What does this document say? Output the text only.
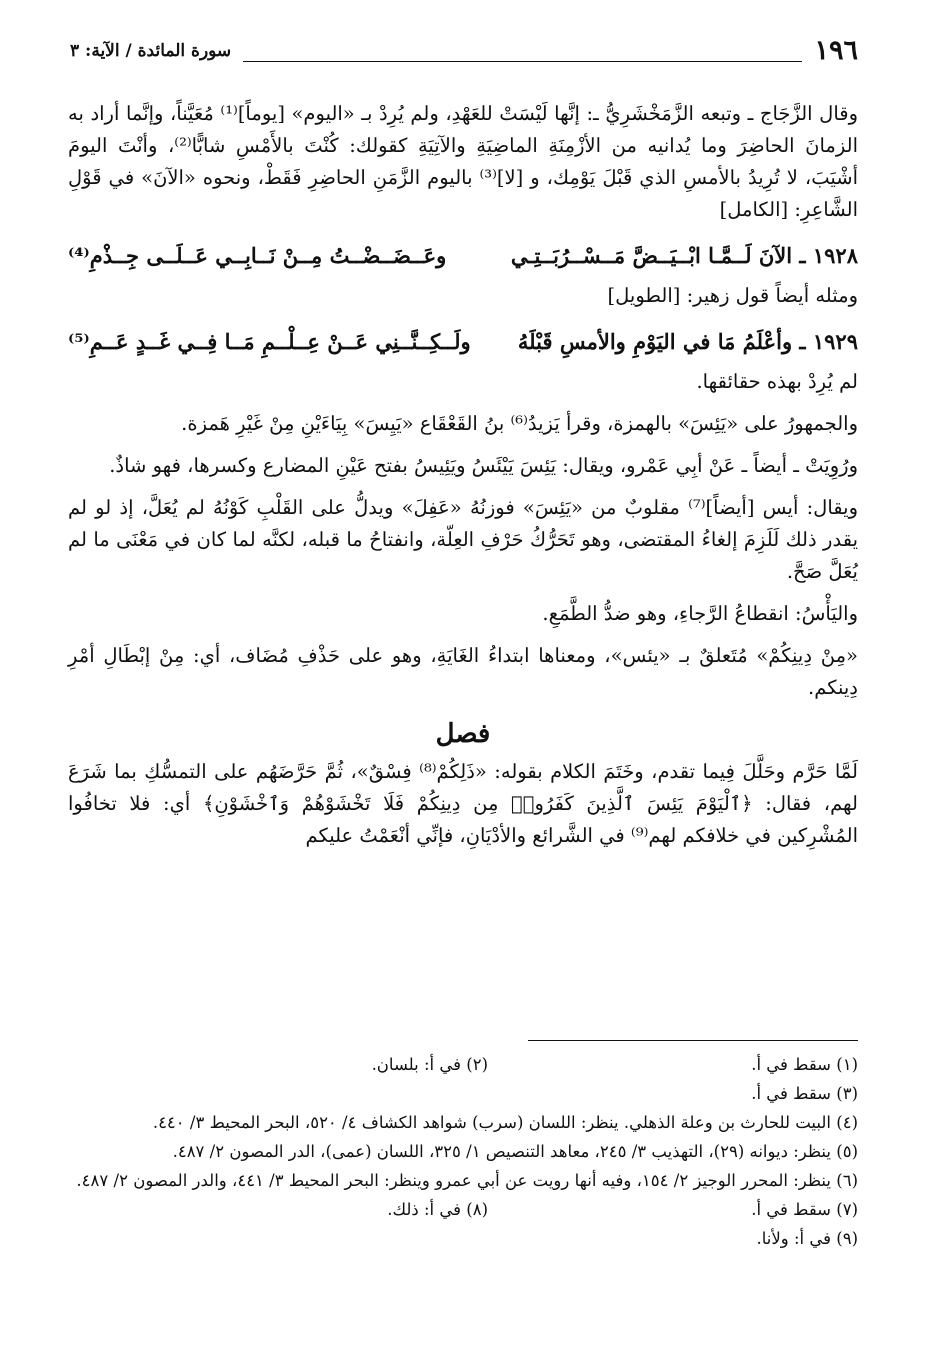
١٩٦
سورة المائدة / الآية: ٣

وقال الزَّجَاج ـ وتبعه الزَّمَخْشَرِيُّ ـ: إنَّها لَيْسَتْ للعَهْدِ، ولم يُرِدْ بـ «اليوم» [يوماً]⁽¹⁾ مُعَيَّناً، وإنَّما أراد به الزمانَ الحاضِرَ وما يُدانيه من الأزْمِنَةِ الماضِيَةِ والآتِيَةِ كقولك: كُنْتَ بالأَمْسِ شابًّا⁽²⁾، وأنْتَ اليومَ أشْيَبَ، لا تُرِيدُ بالأمسِ الذي قَبْلَ يَوْمِك، و [لا]⁽³⁾ باليوم الزَّمَنِ الحاضِرِ فَقَطْ، ونحوه «الآنَ» في قَوْلِ الشَّاعِرِ: [الكامل]

١٩٢٨ ـ الآنَ لَــمَّـا ابْــيَــضَّ مَــسْــرُبَــتِـي
وعَــضَــضْــتُ مِــنْ نَــابِــي عَــلَــى جِــذْمِ⁽⁴⁾

ومثله أيضاً قول زهير: [الطويل]

١٩٢٩ ـ وأعْلَمُ مَا في اليَوْمِ والأمسِ قَبْلَهُ
ولَــكِــنَّــنِي عَــنْ عِــلْــمِ مَــا فِــي غَــدٍ عَــمِ⁽⁵⁾

لم يُرِدْ بهذه حقائقها.

والجمهورُ على «يَئِسَ» بالهمزة، وقرأ يَزيدُ⁽⁶⁾ بنُ القَعْقَاع «يَيِسَ» بِيَاءَيْنِ مِنْ غَيْرِ هَمزة.

ورُوِيَتْ ـ أيضاً ـ عَنْ أبِي عَمْرو، ويقال: يَئِسَ يَيْئَسُ ويَئِيسُ بفتح عَيْنِ المضارع وكسرها، فهو شاذٌ.

ويقال: أيس [أيضاً]⁽⁷⁾ مقلوبٌ من «يَئِسَ» فوزنُهُ «عَفِلَ» ويدلُّ على القَلْبِ كَوْنُهُ لم يُعَلَّ، إذ لو لم يقدر ذلك لَلَزِمَ إلغاءُ المقتضى، وهو تَحَرُّكُ حَرْفِ العِلّة، وانفتاحُ ما قبله، لكنَّه لما كان في مَعْنَى ما لم يُعَلَّ صَحَّ.

واليَأْسُ: انقطاعُ الرَّجاءِ، وهو ضدُّ الطَّمَعِ.

«مِنْ دِينِكُمْ» مُتَعلقٌ بـ «يئس»، ومعناها ابتداءُ الغَايَةِ، وهو على حَذْفِ مُضَاف، أي: مِنْ إبْطَالِ أمْرِ دِينكم.

فصل

لَمَّا حَرَّم وحَلَّلَ فِيما تقدم، وخَتَمَ الكلام بقوله: «ذَلِكُمْ⁽⁸⁾ فِسْقٌ»، ثُمَّ حَرَّضَهُم على التمسُّكِ بما شَرَعَ لهم، فقال: ﴿ٱلْيَوْمَ يَئِسَ ٱلَّذِينَ كَفَرُوا۟ مِن دِينِكُمْ فَلَا تَخْشَوْهُمْ وَٱخْشَوْنِ﴾ أي: فلا تخافُوا المُشْرِكين في خلافكم لهم⁽⁹⁾ في الشَّرائع والأدْيَانِ، فإنِّي أنْعَمْتُ عليكم

(١) سقط في أ.
(٢) في أ: بلسان.
(٣) سقط في أ.
(٤) البيت للحارث بن وعلة الذهلي. ينظر: اللسان (سرب) شواهد الكشاف ٤/ ٥٢٠، البحر المحيط ٣/ ٤٤٠.
(٥) ينظر: ديوانه (٢٩)، التهذيب ٣/ ٢٤٥، معاهد التنصيص ١/ ٣٢٥، اللسان (عمى)، الدر المصون ٢/ ٤٨٧.
(٦) ينظر: المحرر الوجيز ٢/ ١٥٤، وفيه أنها رويت عن أبي عمرو وينظر: البحر المحيط ٣/ ٤٤١، والدر المصون ٢/ ٤٨٧.
(٧) سقط في أ.
(٨) في أ: ذلك.
(٩) في أ: ولأنا.
